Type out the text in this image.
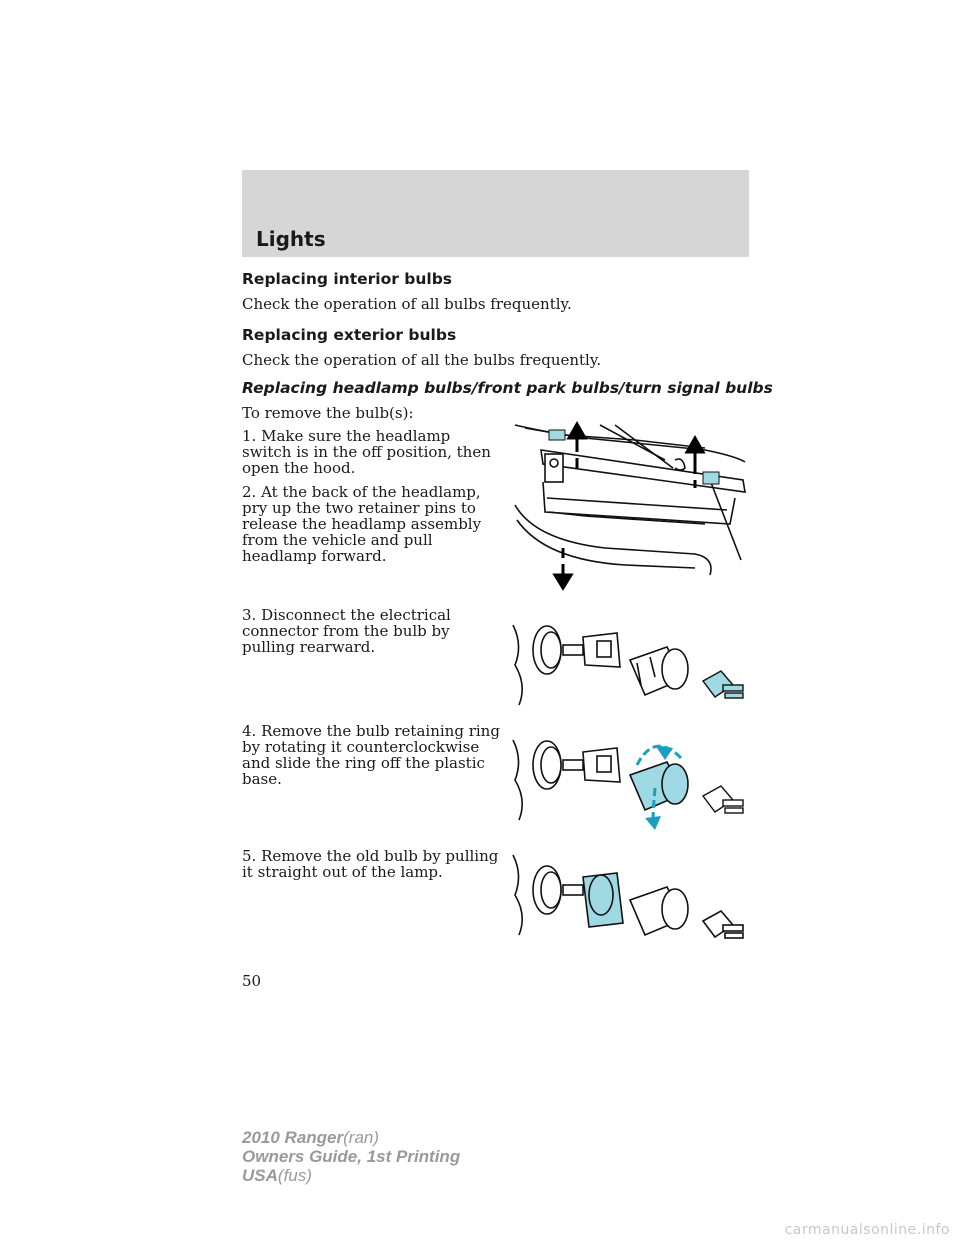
Lights
Replacing interior bulbs
Check the operation of all bulbs frequently.
Replacing exterior bulbs
Check the operation of all the bulbs frequently.
Replacing headlamp bulbs/front park bulbs/turn signal bulbs
To remove the bulb(s):
1. Make sure the headlamp switch is in the off position, then open the hood.
2. At the back of the headlamp, pry up the two retainer pins to release the headlamp assembly from the vehicle and pull headlamp forward.
3. Disconnect the electrical connector from the bulb by pulling rearward.
4. Remove the bulb retaining ring by rotating it counterclockwise and slide the ring off the plastic base.
5. Remove the old bulb by pulling it straight out of the lamp.
50
2010 Ranger(ran)
Owners Guide, 1st Printing
USA(fus)
carmanualsonline.info
